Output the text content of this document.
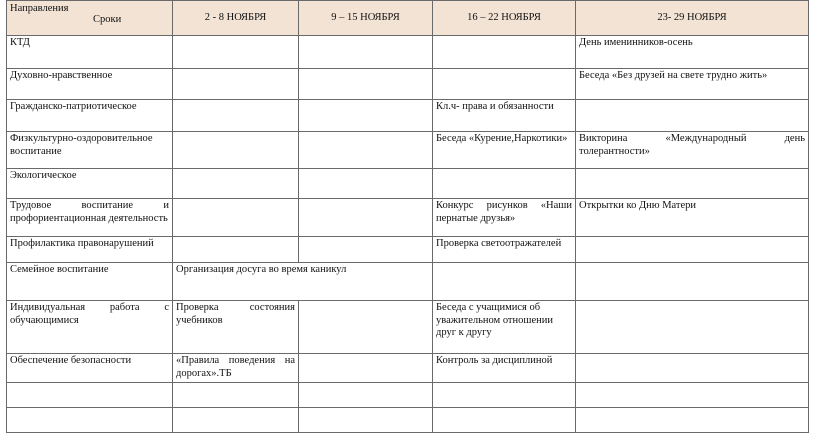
Направления
Сроки	2 - 8 НОЯБРЯ	9 – 15 НОЯБРЯ	16 – 22 НОЯБРЯ	23- 29 НОЯБРЯ
КТД				День именинников-осень
Духовно-нравственное				Беседа «Без друзей на свете трудно жить»
Гражданско-патриотическое			Кл.ч- права и обязанности	
Физкультурно-оздоровительное воспитание			Беседа «Курение,Наркотики»	Викторина «Международный день толерантности»
Экологическое				
Трудовое воспитание и профориентационная деятельность			Конкурс рисунков «Наши пернатые друзья»	Открытки ко Дню Матери
Профилактика правонарушений			Проверка светоотражателей	
Семейное воспитание	Организация досуга во время каникул			
Индивидуальная работа с обучающимися	Проверка состояния учебников		Беседа с учащимися об уважительном отношении друг к другу	
Обеспечение безопасности	«Правила поведения на дорогах».ТБ		Контроль за дисциплиной	
